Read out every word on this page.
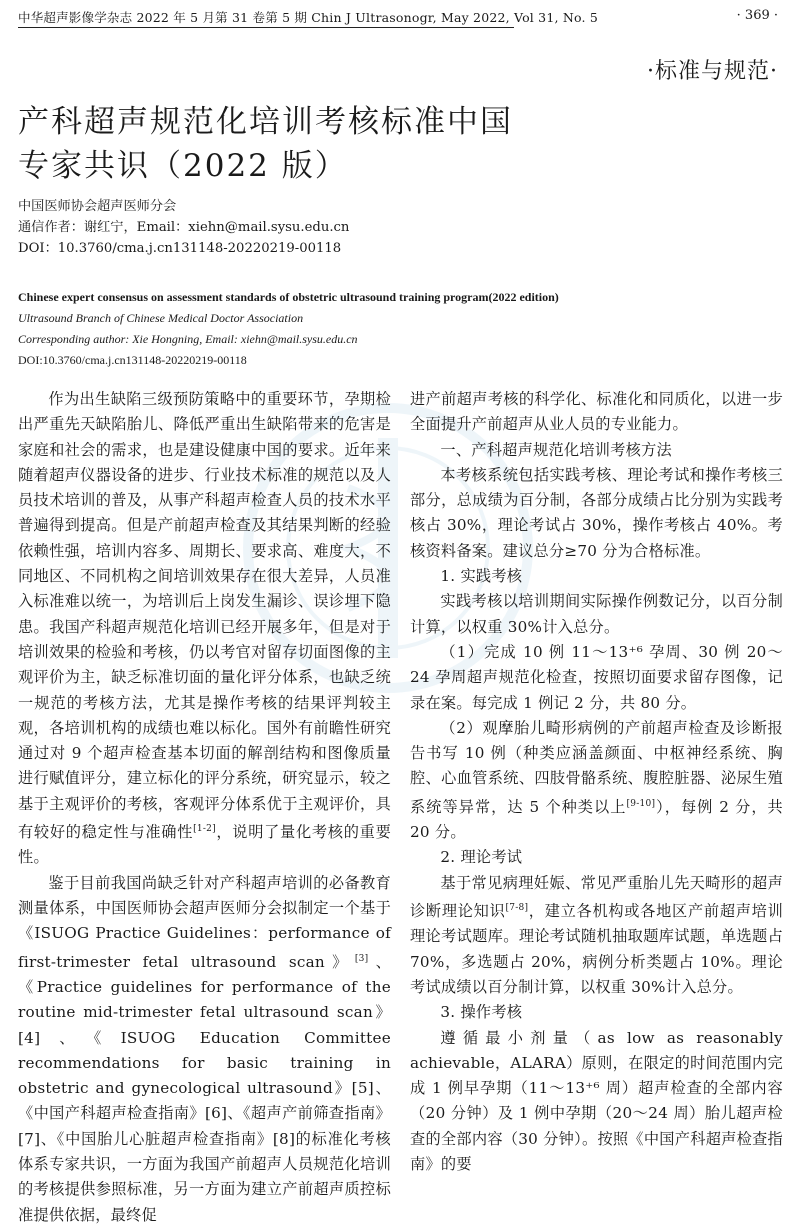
中华超声影像学杂志 2022 年 5 月第 31 卷第 5 期 Chin J Ultrasonogr, May 2022, Vol 31, No. 5	· 369 ·
·标准与规范·
产科超声规范化培训考核标准中国
专家共识（2022 版）
中国医师协会超声医师分会
通信作者：谢红宁，Email：xiehn@mail.sysu.edu.cn
DOI：10.3760/cma.j.cn131148-20220219-00118
Chinese expert consensus on assessment standards of obstetric ultrasound training program(2022 edition)
Ultrasound Branch of Chinese Medical Doctor Association
Corresponding author: Xie Hongning, Email: xiehn@mail.sysu.edu.cn
DOI:10.3760/cma.j.cn131148-20220219-00118

作为出生缺陷三级预防策略中的重要环节，孕期检出严重先天缺陷胎儿、降低严重出生缺陷带来的危害是家庭和社会的需求，也是建设健康中国的要求。近年来随着超声仪器设备的进步、行业技术标准的规范以及人员技术培训的普及，从事产科超声检查人员的技术水平普遍得到提高。但是产前超声检查及其结果判断的经验依赖性强，培训内容多、周期长、要求高、难度大，不同地区、不同机构之间培训效果存在很大差异，人员准入标准难以统一，为培训后上岗发生漏诊、误诊埋下隐患。我国产科超声规范化培训已经开展多年，但是对于培训效果的检验和考核，仍以考官对留存切面图像的主观评价为主，缺乏标准切面的量化评分体系，也缺乏统一规范的考核方法，尤其是操作考核的结果评判较主观，各培训机构的成绩也难以标化。国外有前瞻性研究通过对 9 个超声检查基本切面的解剖结构和图像质量进行赋值评分，建立标化的评分系统，研究显示，较之基于主观评价的考核，客观评分体系优于主观评价，具有较好的稳定性与准确性[1-2]，说明了量化考核的重要性。

鉴于目前我国尚缺乏针对产科超声培训的必备教育测量体系，中国医师协会超声医师分会拟制定一个基于《ISUOG Practice Guidelines：performance of first-trimester fetal ultrasound scan》[3]、《Practice guidelines for performance of the routine mid-trimester fetal ultrasound scan》[4]、《ISUOG Education Committee recommendations for basic training in obstetric and gynecological ultrasound》[5]、《中国产科超声检查指南》[6]、《超声产前筛查指南》[7]、《中国胎儿心脏超声检查指南》[8]的标准化考核体系专家共识，一方面为我国产前超声人员规范化培训的考核提供参照标准，另一方面为建立产前超声质控标准提供依据，最终促

进产前超声考核的科学化、标准化和同质化，以进一步全面提升产前超声从业人员的专业能力。

一、产科超声规范化培训考核方法

本考核系统包括实践考核、理论考试和操作考核三部分，总成绩为百分制，各部分成绩占比分别为实践考核占 30%，理论考试占 30%，操作考核占 40%。考核资料备案。建议总分≥70 分为合格标准。

1. 实践考核

实践考核以培训期间实际操作例数记分，以百分制计算，以权重 30%计入总分。

（1）完成 10 例 11～13⁺⁶ 孕周、30 例 20～24 孕周超声规范化检查，按照切面要求留存图像，记录在案。每完成 1 例记 2 分，共 80 分。

（2）观摩胎儿畸形病例的产前超声检查及诊断报告书写 10 例（种类应涵盖颜面、中枢神经系统、胸腔、心血管系统、四肢骨骼系统、腹腔脏器、泌尿生殖系统等异常，达 5 个种类以上[9-10]），每例 2 分，共 20 分。

2. 理论考试

基于常见病理妊娠、常见严重胎儿先天畸形的超声诊断理论知识[7-8]，建立各机构或各地区产前超声培训理论考试题库。理论考试随机抽取题库试题，单选题占 70%，多选题占 20%，病例分析类题占 10%。理论考试成绩以百分制计算，以权重 30%计入总分。

3. 操作考核

遵循最小剂量（as low as reasonably achievable，ALARA）原则，在限定的时间范围内完成 1 例早孕期（11～13⁺⁶ 周）超声检查的全部内容（20 分钟）及 1 例中孕期（20～24 周）胎儿超声检查的全部内容（30 分钟）。按照《中国产科超声检查指南》的要
